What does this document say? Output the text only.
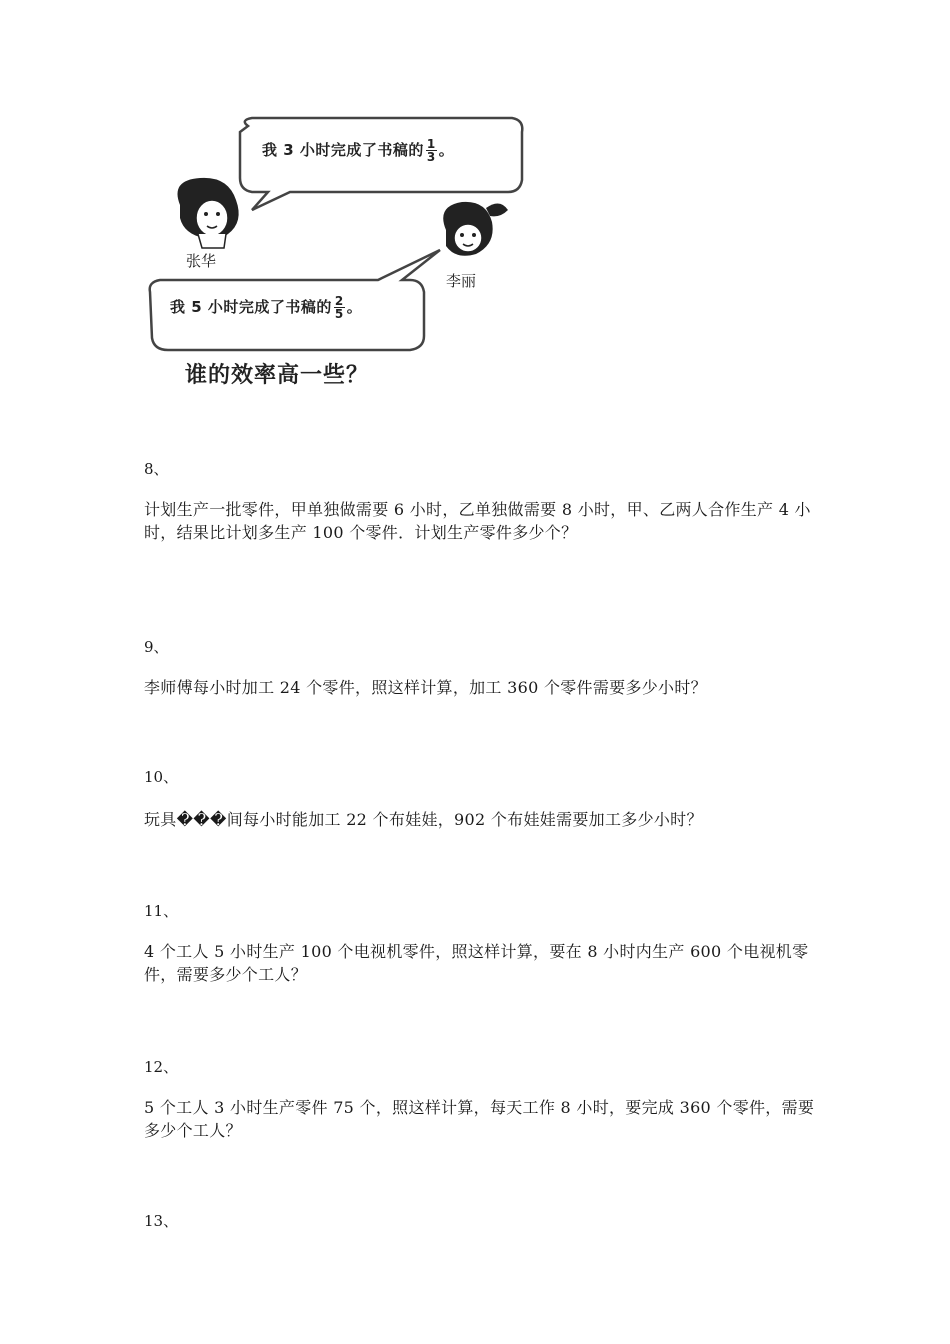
我 3 小时完成了书稿的 $\frac{1}{3}$ 。
我 5 小时完成了书稿的 $\frac{2}{5}$ 。
张华
李丽
谁的效率高一些？
8、
计划生产一批零件，甲单独做需要 6 小时，乙单独做需要 8 小时，甲、乙两人合作生产 4 小时，结果比计划多生产 100 个零件．计划生产零件多少个？
9、
李师傅每小时加工 24 个零件，照这样计算，加工 360 个零件需要多少小时？
10、
玩具���间每小时能加工 22 个布娃娃，902 个布娃娃需要加工多少小时？
11、
4 个工人 5 小时生产 100 个电视机零件，照这样计算，要在 8 小时内生产 600 个电视机零件，需要多少个工人？
12、
5 个工人 3 小时生产零件 75 个，照这样计算，每天工作 8 小时，要完成 360 个零件，需要多少个工人？
13、
